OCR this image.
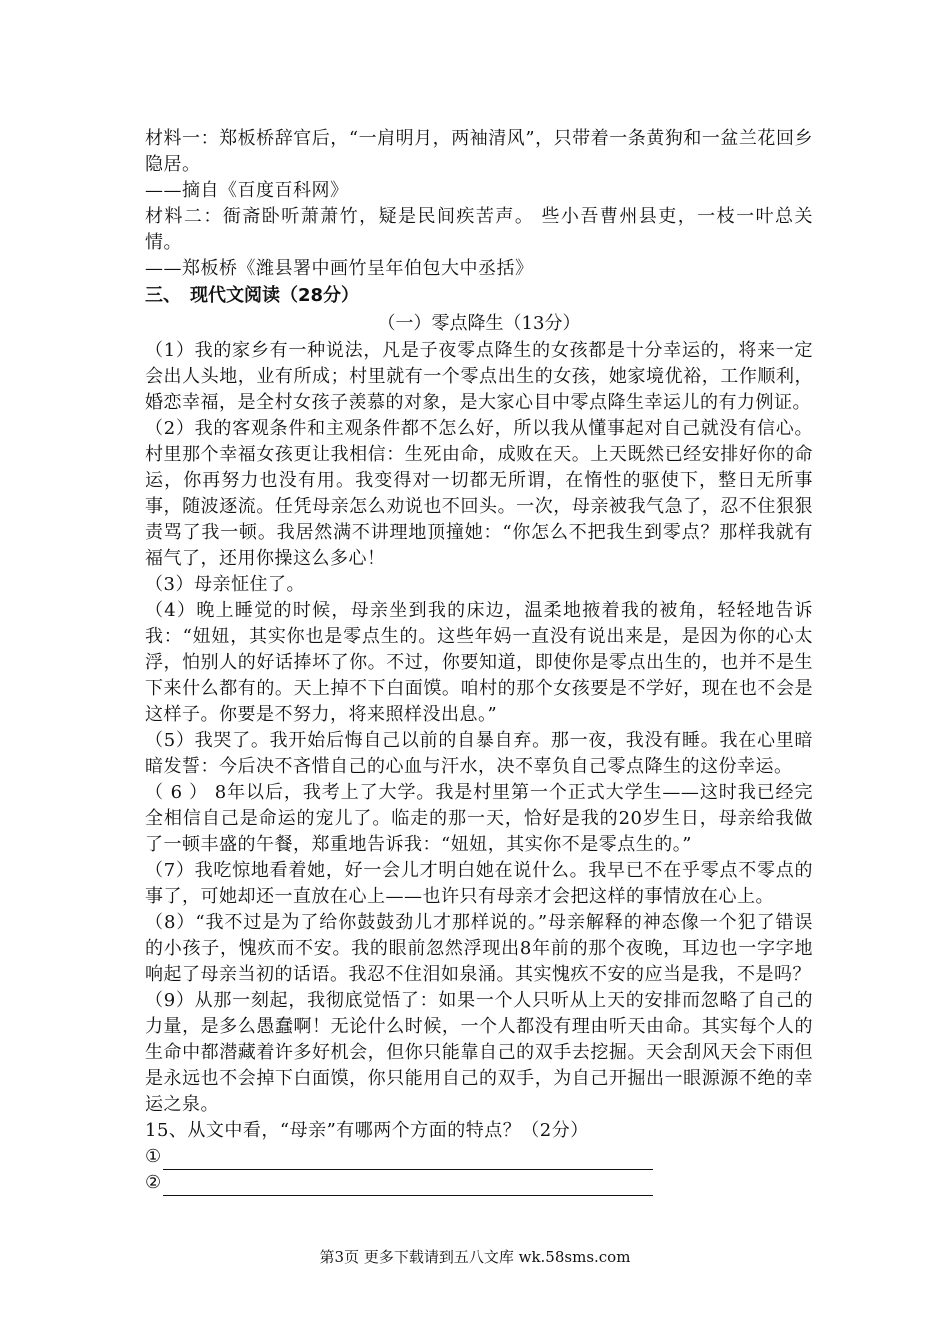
材料一：郑板桥辞官后，“一肩明月，两袖清风”，只带着一条黄狗和一盆兰花回乡隐居。

——摘自《百度百科网》

材料二：衙斋卧听萧萧竹，疑是民间疾苦声。 些小吾曹州县吏，一枝一叶总关情。

——郑板桥《潍县署中画竹呈年伯包大中丞括》

三、　现代文阅读（28分）

（一）零点降生（13分）

（1）我的家乡有一种说法，凡是子夜零点降生的女孩都是十分幸运的，将来一定会出人头地，业有所成；村里就有一个零点出生的女孩，她家境优裕，工作顺利，婚恋幸福，是全村女孩子羡慕的对象，是大家心目中零点降生幸运儿的有力例证。

（2）我的客观条件和主观条件都不怎么好，所以我从懂事起对自己就没有信心。村里那个幸福女孩更让我相信：生死由命，成败在天。上天既然已经安排好你的命运，你再努力也没有用。我变得对一切都无所谓，在惰性的驱使下，整日无所事事，随波逐流。任凭母亲怎么劝说也不回头。一次，母亲被我气急了，忍不住狠狠责骂了我一顿。我居然满不讲理地顶撞她：“你怎么不把我生到零点？那样我就有福气了，还用你操这么多心！

（3）母亲怔住了。

（4）晚上睡觉的时候，母亲坐到我的床边，温柔地掖着我的被角，轻轻地告诉我：“妞妞，其实你也是零点生的。这些年妈一直没有说出来是，是因为你的心太浮，怕别人的好话捧坏了你。不过，你要知道，即使你是零点出生的，也并不是生下来什么都有的。天上掉不下白面馍。咱村的那个女孩要是不学好，现在也不会是这样子。你要是不努力，将来照样没出息。”

（5）我哭了。我开始后悔自己以前的自暴自弃。那一夜，我没有睡。我在心里暗暗发誓：今后决不吝惜自己的心血与汗水，决不辜负自己零点降生的这份幸运。

（ 6 ） 8年以后，我考上了大学。我是村里第一个正式大学生——这时我已经完全相信自己是命运的宠儿了。临走的那一天，恰好是我的20岁生日，母亲给我做了一顿丰盛的午餐，郑重地告诉我：“妞妞，其实你不是零点生的。”

（7）我吃惊地看着她，好一会儿才明白她在说什么。我早已不在乎零点不零点的事了，可她却还一直放在心上——也许只有母亲才会把这样的事情放在心上。

（8）“我不过是为了给你鼓鼓劲儿才那样说的。”母亲解释的神态像一个犯了错误 的小孩子，愧疚而不安。我的眼前忽然浮现出8年前的那个夜晚，耳边也一字字地响起了母亲当初的话语。我忍不住泪如泉涌。其实愧疚不安的应当是我，不是吗？

（9）从那一刻起，我彻底觉悟了：如果一个人只听从上天的安排而忽略了自己的力量，是多么愚蠢啊！无论什么时候，一个人都没有理由听天由命。其实每个人的生命中都潜藏着许多好机会，但你只能靠自己的双手去挖掘。天会刮风天会下雨但是永远也不会掉下白面馍，你只能用自己的双手，为自己开掘出一眼源源不绝的幸运之泉。

15、从文中看，“母亲”有哪两个方面的特点？（2分）

①
②
第3页 更多下载请到五八文库 wk.58sms.com
